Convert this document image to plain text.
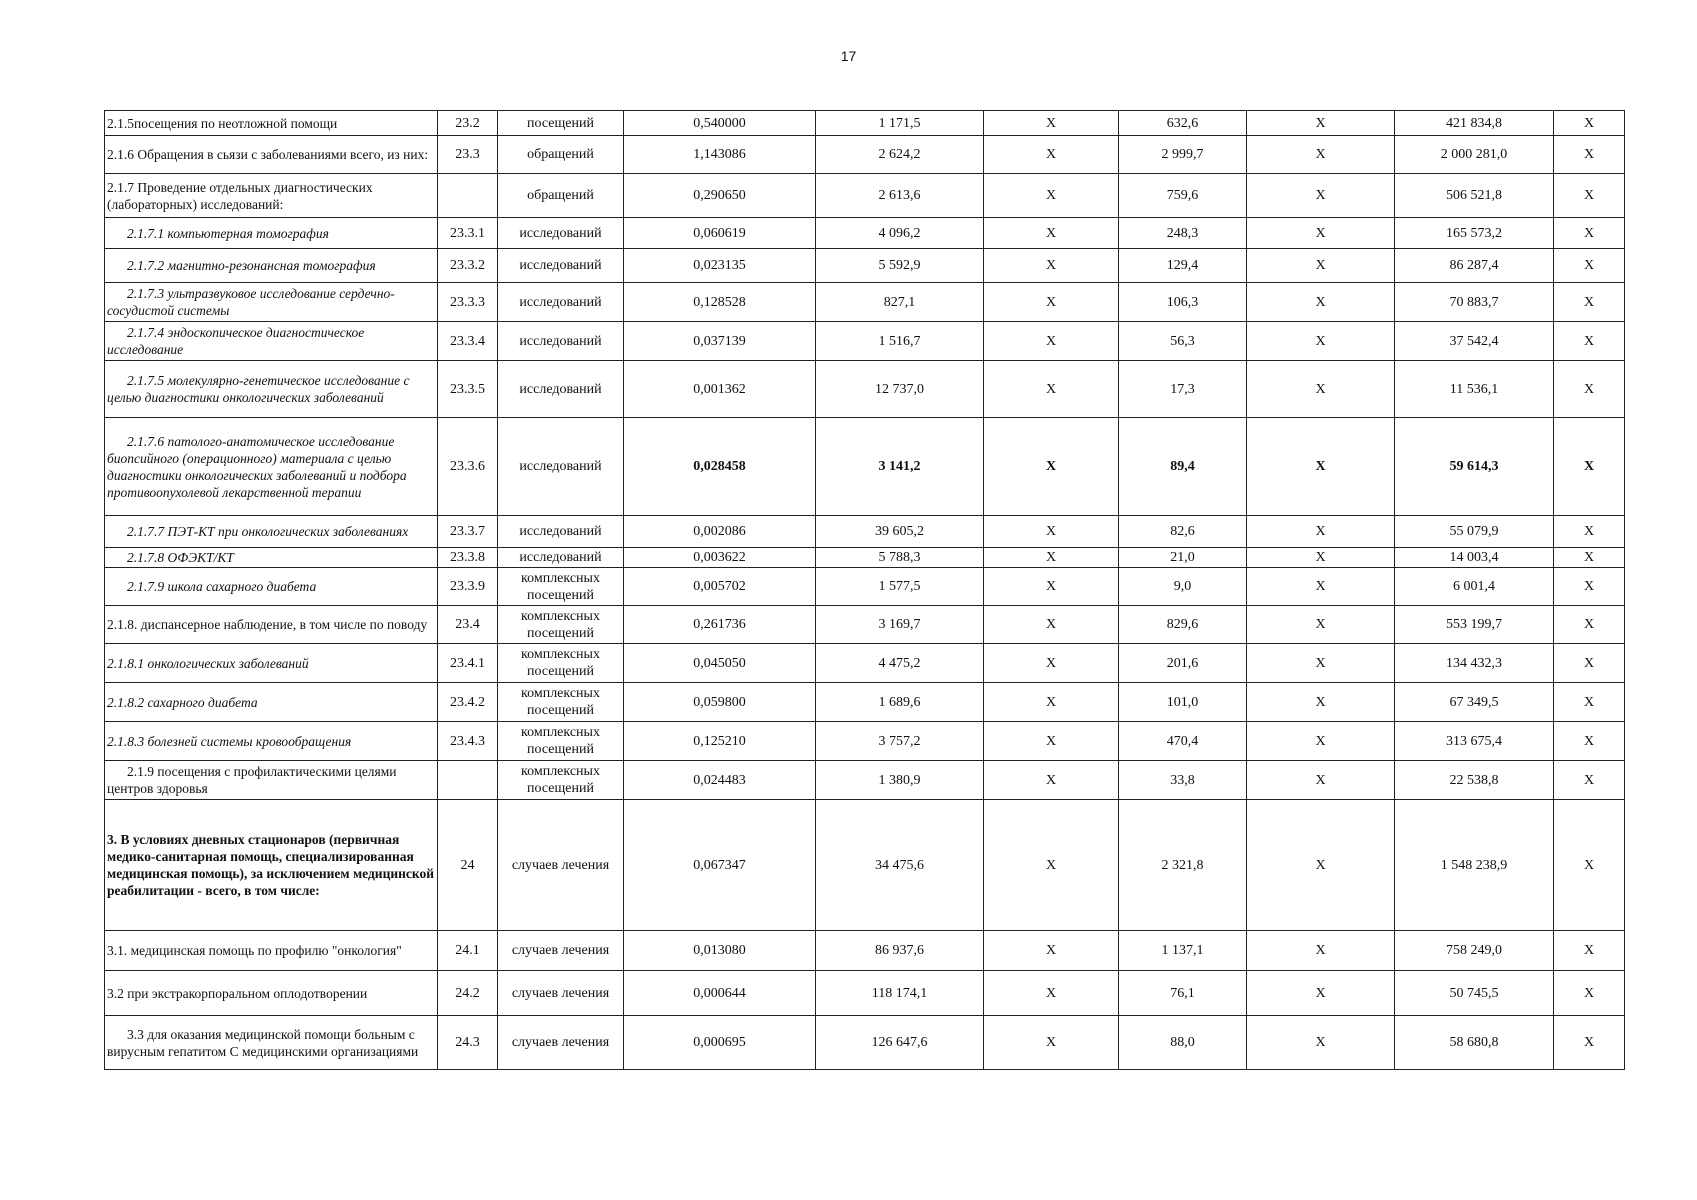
17
2.1.5посещения по неотложной помощи	23.2	посещений	0,540000	1 171,5	X	632,6	X	421 834,8	X
2.1.6 Обращения в сьязи с заболеваниями всего, из них:	23.3	обращений	1,143086	2 624,2	X	2 999,7	X	2 000 281,0	X
2.1.7 Проведение отдельных диагностических (лабораторных) исследований:		обращений	0,290650	2 613,6	X	759,6	X	506 521,8	X
2.1.7.1 компьютерная томография	23.3.1	исследований	0,060619	4 096,2	X	248,3	X	165 573,2	X
2.1.7.2 магнитно-резонансная томография	23.3.2	исследований	0,023135	5 592,9	X	129,4	X	86 287,4	X
2.1.7.3 ультразвуковое исследование сердечно-сосудистой системы	23.3.3	исследований	0,128528	827,1	X	106,3	X	70 883,7	X
2.1.7.4 эндоскопическое диагностическое исследование	23.3.4	исследований	0,037139	1 516,7	X	56,3	X	37 542,4	X
2.1.7.5 молекулярно-генетическое исследование с целью диагностики онкологических заболеваний	23.3.5	исследований	0,001362	12 737,0	X	17,3	X	11 536,1	X
2.1.7.6 патолого-анатомическое исследование биопсийного (операционного) материала с целью диагностики онкологических заболеваний и подбора противоопухолевой лекарственной терапии	23.3.6	исследований	0,028458	3 141,2	X	89,4	X	59 614,3	X
2.1.7.7 ПЭТ-КТ при онкологических заболеваниях	23.3.7	исследований	0,002086	39 605,2	X	82,6	X	55 079,9	X
2.1.7.8 ОФЭКТ/КТ	23.3.8	исследований	0,003622	5 788,3	X	21,0	X	14 003,4	X
2.1.7.9 школа сахарного диабета	23.3.9	комплексных посещений	0,005702	1 577,5	X	9,0	X	6 001,4	X
2.1.8. диспансерное наблюдение, в том числе по поводу	23.4	комплексных посещений	0,261736	3 169,7	X	829,6	X	553 199,7	X
2.1.8.1 онкологических заболеваний	23.4.1	комплексных посещений	0,045050	4 475,2	X	201,6	X	134 432,3	X
2.1.8.2 сахарного диабета	23.4.2	комплексных посещений	0,059800	1 689,6	X	101,0	X	67 349,5	X
2.1.8.3 болезней системы кровообращения	23.4.3	комплексных посещений	0,125210	3 757,2	X	470,4	X	313 675,4	X
2.1.9 посещения с профилактическими целями центров здоровья		комплексных посещений	0,024483	1 380,9	X	33,8	X	22 538,8	X
3. В условиях дневных стационаров (первичная медико-санитарная помощь, специализированная медицинская помощь), за исключением медицинской реабилитации - всего, в том числе:	24	случаев лечения	0,067347	34 475,6	X	2 321,8	X	1 548 238,9	X
3.1. медицинская помощь по профилю "онкология"	24.1	случаев лечения	0,013080	86 937,6	X	1 137,1	X	758 249,0	X
3.2 при экстракорпоральном оплодотворении	24.2	случаев лечения	0,000644	118 174,1	X	76,1	X	50 745,5	X
3.3 для оказания медицинской помощи больным с вирусным гепатитом С медицинскими организациями	24.3	случаев лечения	0,000695	126 647,6	X	88,0	X	58 680,8	X
